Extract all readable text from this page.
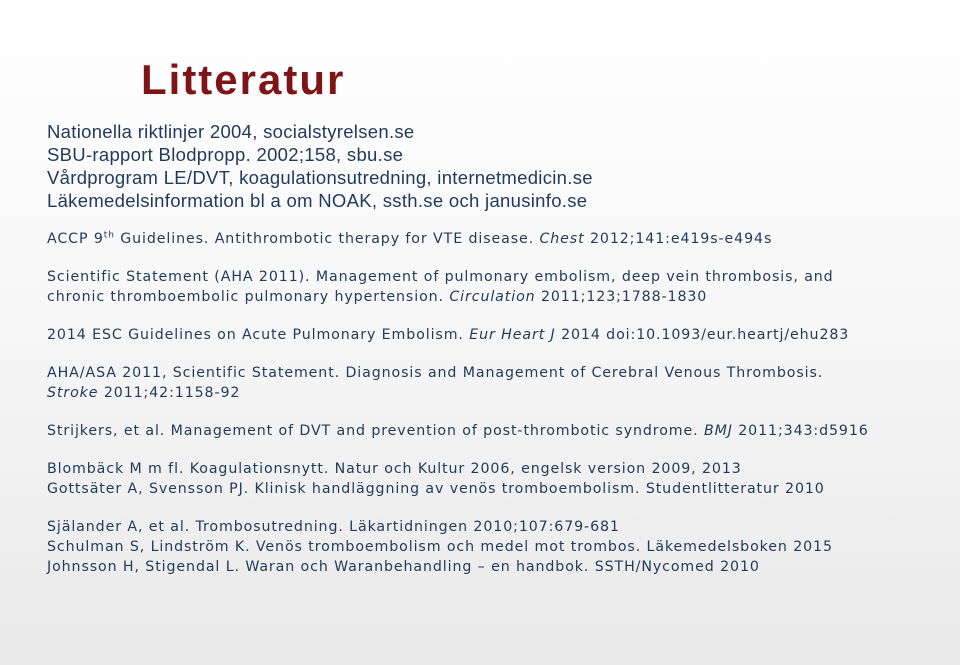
Litteratur
Nationella riktlinjer 2004, socialstyrelsen.se
SBU-rapport Blodpropp. 2002;158, sbu.se
Vårdprogram LE/DVT, koagulationsutredning, internetmedicin.se
Läkemedelsinformation bl a om NOAK, ssth.se och janusinfo.se

ACCP 9th Guidelines. Antithrombotic therapy for VTE disease. Chest 2012;141:e419s-e494s

Scientific Statement (AHA 2011). Management of pulmonary embolism, deep vein thrombosis, and
chronic thromboembolic pulmonary hypertension. Circulation 2011;123;1788-1830

2014 ESC Guidelines on Acute Pulmonary Embolism. Eur Heart J 2014 doi:10.1093/eur.heartj/ehu283

AHA/ASA 2011, Scientific Statement. Diagnosis and Management of Cerebral Venous Thrombosis.
Stroke 2011;42:1158-92

Strijkers, et al. Management of DVT and prevention of post-thrombotic syndrome. BMJ 2011;343:d5916

Blombäck M m fl. Koagulationsnytt. Natur och Kultur 2006, engelsk version 2009, 2013
Gottsäter A, Svensson PJ. Klinisk handläggning av venös tromboembolism. Studentlitteratur 2010

Själander A, et al. Trombosutredning. Läkartidningen 2010;107:679-681
Schulman S, Lindström K. Venös tromboembolism och medel mot trombos. Läkemedelsboken 2015
Johnsson H, Stigendal L. Waran och Waranbehandling – en handbok. SSTH/Nycomed 2010
